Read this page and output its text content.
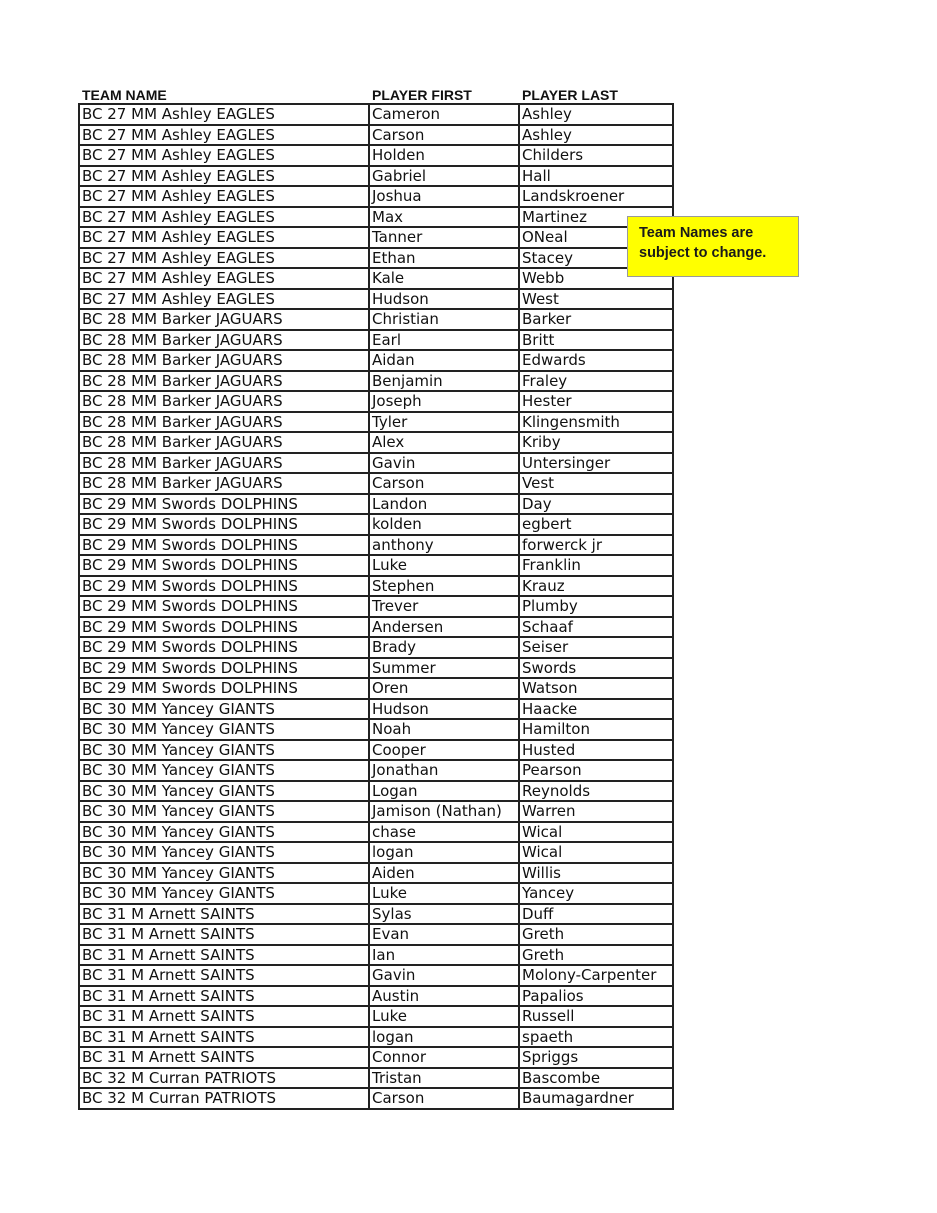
TEAM NAME	PLAYER FIRST	PLAYER LAST
BC 27 MM Ashley EAGLES	Cameron	Ashley
BC 27 MM Ashley EAGLES	Carson	Ashley
BC 27 MM Ashley EAGLES	Holden	Childers
BC 27 MM Ashley EAGLES	Gabriel	Hall
BC 27 MM Ashley EAGLES	Joshua	Landskroener
BC 27 MM Ashley EAGLES	Max	Martinez
BC 27 MM Ashley EAGLES	Tanner	ONeal
BC 27 MM Ashley EAGLES	Ethan	Stacey
BC 27 MM Ashley EAGLES	Kale	Webb
BC 27 MM Ashley EAGLES	Hudson	West
BC 28 MM Barker JAGUARS	Christian	Barker
BC 28 MM Barker JAGUARS	Earl	Britt
BC 28 MM Barker JAGUARS	Aidan	Edwards
BC 28 MM Barker JAGUARS	Benjamin	Fraley
BC 28 MM Barker JAGUARS	Joseph	Hester
BC 28 MM Barker JAGUARS	Tyler	Klingensmith
BC 28 MM Barker JAGUARS	Alex	Kriby
BC 28 MM Barker JAGUARS	Gavin	Untersinger
BC 28 MM Barker JAGUARS	Carson	Vest
BC 29 MM Swords DOLPHINS	Landon	Day
BC 29 MM Swords DOLPHINS	kolden	egbert
BC 29 MM Swords DOLPHINS	anthony	forwerck jr
BC 29 MM Swords DOLPHINS	Luke	Franklin
BC 29 MM Swords DOLPHINS	Stephen	Krauz
BC 29 MM Swords DOLPHINS	Trever	Plumby
BC 29 MM Swords DOLPHINS	Andersen	Schaaf
BC 29 MM Swords DOLPHINS	Brady	Seiser
BC 29 MM Swords DOLPHINS	Summer	Swords
BC 29 MM Swords DOLPHINS	Oren	Watson
BC 30 MM Yancey GIANTS	Hudson	Haacke
BC 30 MM Yancey GIANTS	Noah	Hamilton
BC 30 MM Yancey GIANTS	Cooper	Husted
BC 30 MM Yancey GIANTS	Jonathan	Pearson
BC 30 MM Yancey GIANTS	Logan	Reynolds
BC 30 MM Yancey GIANTS	Jamison (Nathan)	Warren
BC 30 MM Yancey GIANTS	chase	Wical
BC 30 MM Yancey GIANTS	logan	Wical
BC 30 MM Yancey GIANTS	Aiden	Willis
BC 30 MM Yancey GIANTS	Luke	Yancey
BC 31 M Arnett SAINTS	Sylas	Duff
BC 31 M Arnett SAINTS	Evan	Greth
BC 31 M Arnett SAINTS	Ian	Greth
BC 31 M Arnett SAINTS	Gavin	Molony-Carpenter
BC 31 M Arnett SAINTS	Austin	Papalios
BC 31 M Arnett SAINTS	Luke	Russell
BC 31 M Arnett SAINTS	logan	spaeth
BC 31 M Arnett SAINTS	Connor	Spriggs
BC 32 M Curran PATRIOTS	Tristan	Bascombe
BC 32 M Curran PATRIOTS	Carson	Baumagardner
Team Names are
subject to change.
